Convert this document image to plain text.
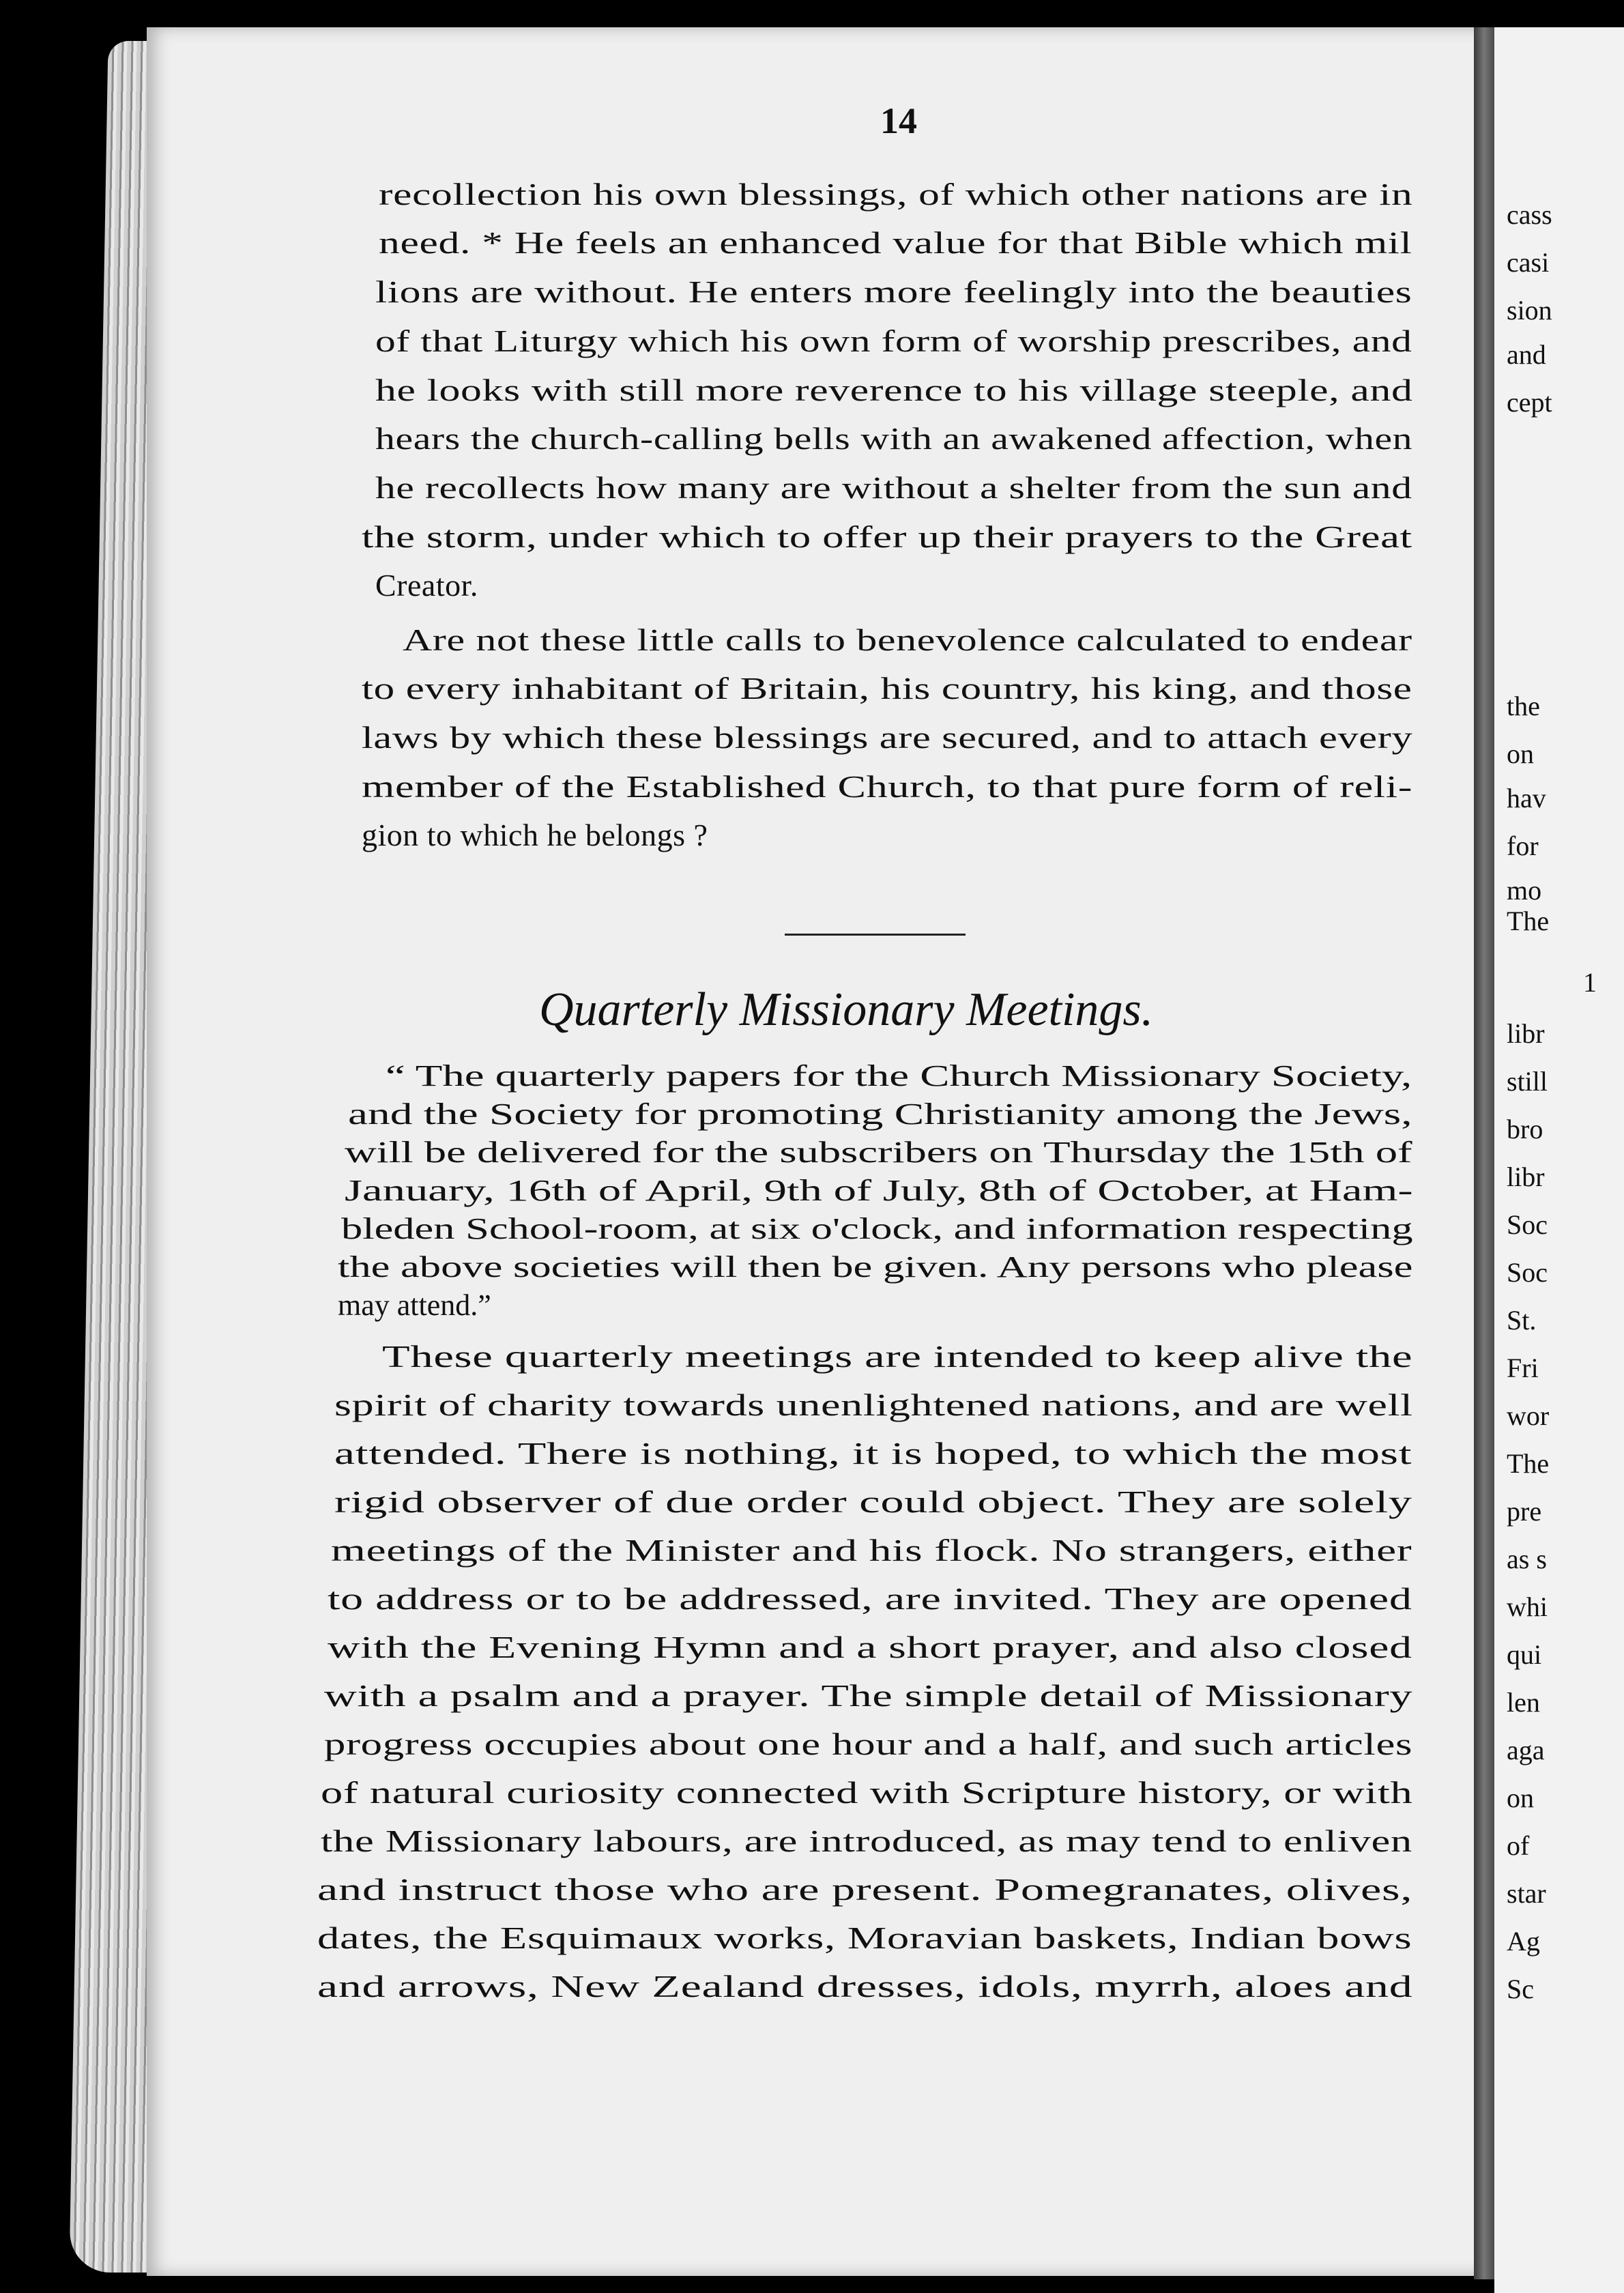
cass
casi
sion
and
cept
the
on
hav
for
mo
The
1
libr
still
bro
libr
Soc
Soc
St.
Fri
wor
The
pre
as s
whi
qui
len
aga
on
of
star
Ag
Sc
14
recollection his own blessings, of which other nations are in
need. * He feels an enhanced value for that Bible which mil
lions are without. He enters more feelingly into the beauties
of that Liturgy which his own form of worship prescribes, and
he looks with still more reverence to his village steeple, and
hears the church-calling bells with an awakened affection, when
he recollects how many are without a shelter from the sun and
the storm, under which to offer up their prayers to the Great
Creator.
Are not these little calls to benevolence calculated to endear
to every inhabitant of Britain, his country, his king, and those
laws by which these blessings are secured, and to attach every
member of the Established Church, to that pure form of reli-
gion to which he belongs ?
Quarterly Missionary Meetings.
“ The quarterly papers for the Church Missionary Society,
and the Society for promoting Christianity among the Jews,
will be delivered for the subscribers on Thursday the 15th of
January, 16th of April, 9th of July, 8th of October, at Ham-
bleden School-room, at six o'clock, and information respecting
the above societies will then be given. Any persons who please
may attend.”
These quarterly meetings are intended to keep alive the
spirit of charity towards unenlightened nations, and are well
attended. There is nothing, it is hoped, to which the most
rigid observer of due order could object. They are solely
meetings of the Minister and his flock. No strangers, either
to address or to be addressed, are invited. They are opened
with the Evening Hymn and a short prayer, and also closed
with a psalm and a prayer. The simple detail of Missionary
progress occupies about one hour and a half, and such articles
of natural curiosity connected with Scripture history, or with
the Missionary labours, are introduced, as may tend to enliven
and instruct those who are present. Pomegranates, olives,
dates, the Esquimaux works, Moravian baskets, Indian bows
and arrows, New Zealand dresses, idols, myrrh, aloes and
